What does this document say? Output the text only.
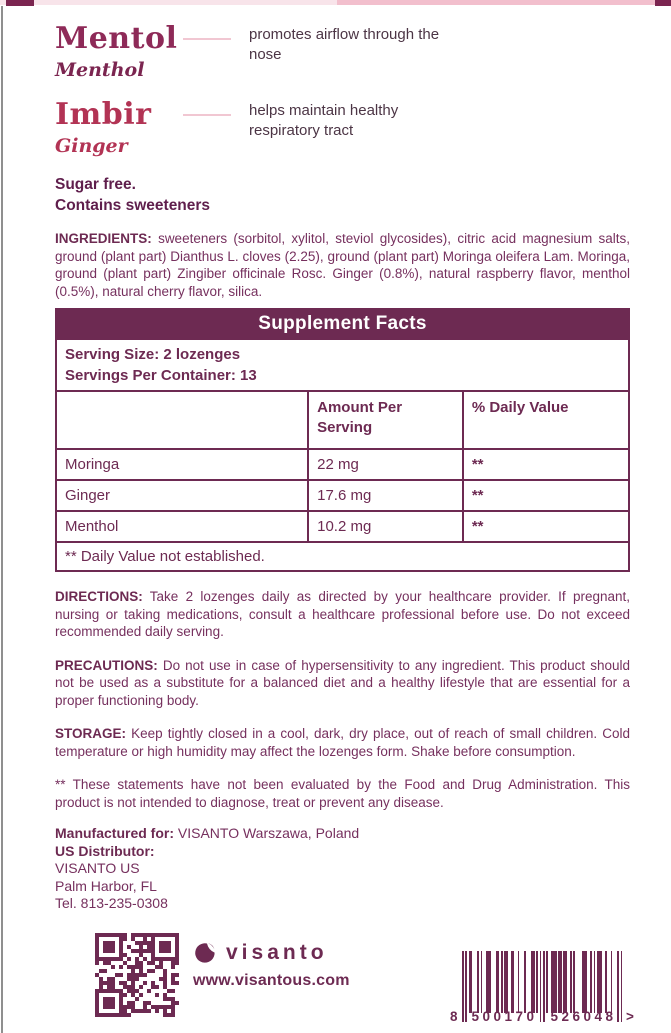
Mentol
Menthol
promotes airflow through the nose
Imbir
Ginger
helps maintain healthy respiratory tract
Sugar free.
Contains sweeteners

INGREDIENTS: sweeteners (sorbitol, xylitol, steviol glycosides), citric acid magnesium salts, ground (plant part) Dianthus L. cloves (2.25), ground (plant part) Moringa oleifera Lam. Moringa, ground (plant part) Zingiber officinale Rosc. Ginger (0.8%), natural raspberry flavor, menthol (0.5%), natural cherry flavor, silica.

Supplement Facts		

Serving Size: 2 lozenges
Servings Per Container: 13		

	Amount Per Serving	% Daily Value
Moringa	22 mg	**
Ginger	17.6 mg	**
Menthol	10.2 mg	**
** Daily Value not established.		

DIRECTIONS: Take 2 lozenges daily as directed by your healthcare provider. If pregnant, nursing or taking medications, consult a healthcare professional before use. Do not exceed recommended daily serving.

PRECAUTIONS: Do not use in case of hypersensitivity to any ingredient. This product should not be used as a substitute for a balanced diet and a healthy lifestyle that are essential for a proper functioning body.

STORAGE: Keep tightly closed in a cool, dark, dry place, out of reach of small children. Cold temperature or high humidity may affect the lozenges form. Shake before consumption.

** These statements have not been evaluated by the Food and Drug Administration. This product is not intended to diagnose, treat or prevent any disease.

Manufactured for: VISANTO Warszawa, Poland
US Distributor:
VISANTO US
Palm Harbor, FL
Tel. 813-235-0308
visanto
www.visantous.com
8 500170 526048 >
